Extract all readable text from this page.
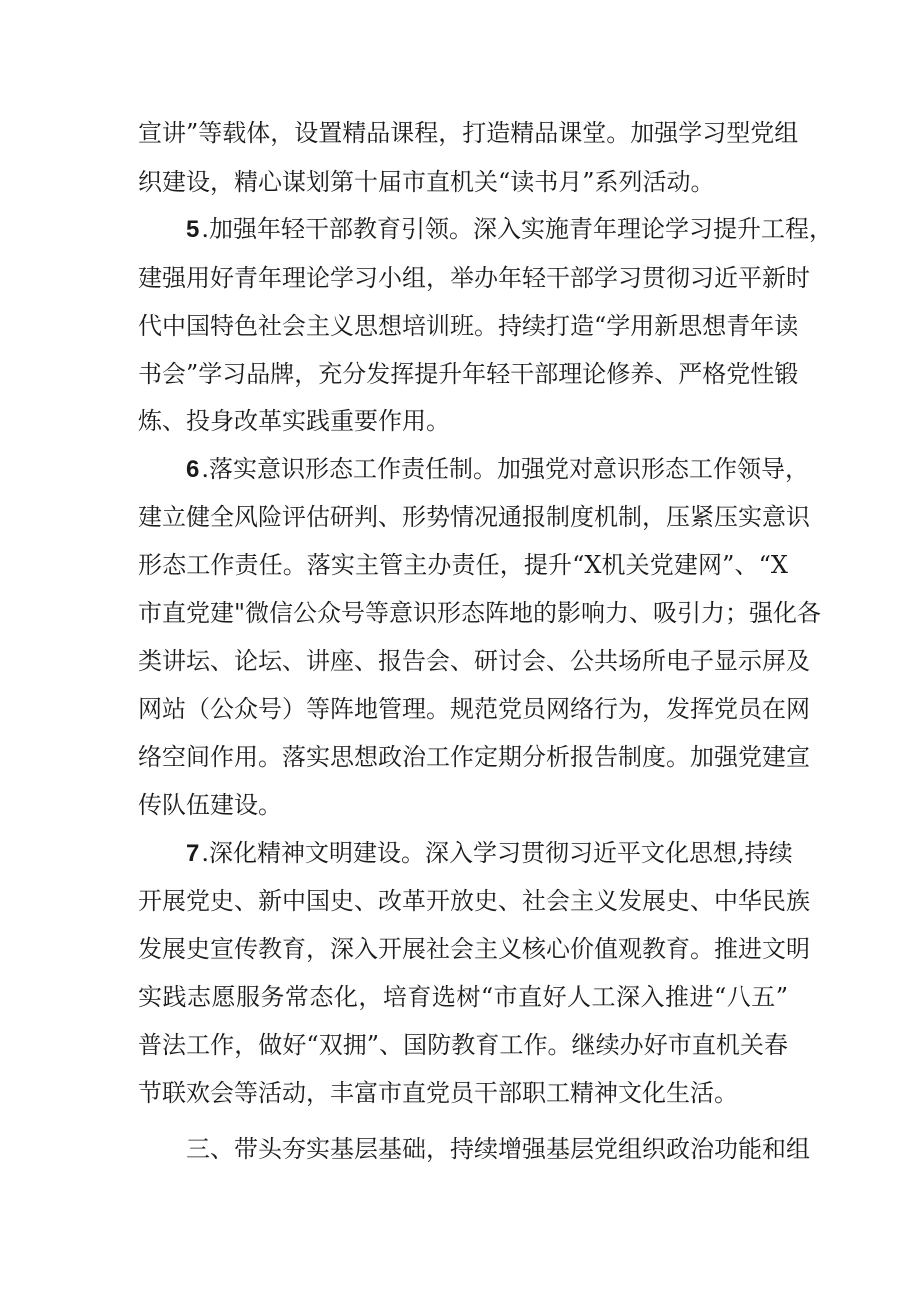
宣讲”等载体，设置精品课程，打造精品课堂。加强学习型党组
织建设，精心谋划第十届市直机关“读书月”系列活动。
5.加强年轻干部教育引领。深入实施青年理论学习提升工程，
建强用好青年理论学习小组，举办年轻干部学习贯彻习近平新时
代中国特色社会主义思想培训班。持续打造“学用新思想青年读
书会”学习品牌，充分发挥提升年轻干部理论修养、严格党性锻
炼、投身改革实践重要作用。
6.落实意识形态工作责任制。加强党对意识形态工作领导，
建立健全风险评估研判、形势情况通报制度机制，压紧压实意识
形态工作责任。落实主管主办责任，提升“X机关党建网”、“X
市直党建"微信公众号等意识形态阵地的影响力、吸引力；强化各
类讲坛、论坛、讲座、报告会、研讨会、公共场所电子显示屏及
网站（公众号）等阵地管理。规范党员网络行为，发挥党员在网
络空间作用。落实思想政治工作定期分析报告制度。加强党建宣
传队伍建设。
7.深化精神文明建设。深入学习贯彻习近平文化思想,持续
开展党史、新中国史、改革开放史、社会主义发展史、中华民族
发展史宣传教育，深入开展社会主义核心价值观教育。推进文明
实践志愿服务常态化，培育选树“市直好人工深入推进“八五”
普法工作，做好“双拥”、国防教育工作。继续办好市直机关春
节联欢会等活动，丰富市直党员干部职工精神文化生活。
三、带头夯实基层基础，持续增强基层党组织政治功能和组
